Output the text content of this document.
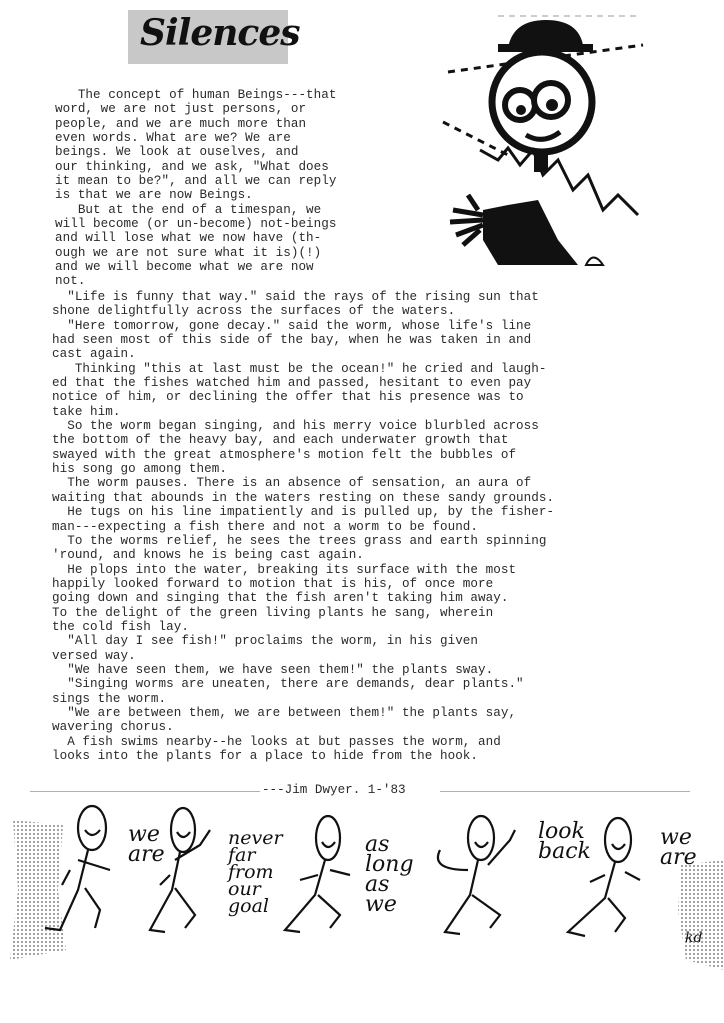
Silences
The concept of human Beings---that
word, we are not just persons, or
people, and we are much more than
even words. What are we? We are
beings. We look at ouselves, and
our thinking, and we ask, "What does
it mean to be?", and all we can reply
is that we are now Beings.
But at the end of a timespan, we
will become (or un-become) not-beings
and will lose what we now have (th-
ough we are not sure what it is)(!)
and we will become what we are now
not.
"Life is funny that way." said the rays of the rising sun that
shone delightfully across the surfaces of the waters.
"Here tomorrow, gone decay." said the worm, whose life's line
had seen most of this side of the bay, when he was taken in and
cast again.
Thinking "this at last must be the ocean!" he cried and laugh-
ed that the fishes watched him and passed, hesitant to even pay
notice of him, or declining the offer that his presence was to
take him.
So the worm began singing, and his merry voice blurbled across
the bottom of the heavy bay, and each underwater growth that
swayed with the great atmosphere's motion felt the bubbles of
his song go among them.
The worm pauses. There is an absence of sensation, an aura of
waiting that abounds in the waters resting on these sandy grounds.
He tugs on his line impatiently and is pulled up, by the fisher-
man---expecting a fish there and not a worm to be found.
To the worms relief, he sees the trees grass and earth spinning
'round, and knows he is being cast again.
He plops into the water, breaking its surface with the most
happily looked forward to motion that is his, of once more
going down and singing that the fish aren't taking him away.
To the delight of the green living plants he sang, wherein
the cold fish lay.
"All day I see fish!" proclaims the worm, in his given
versed way.
"We have seen them, we have seen them!" the plants sway.
"Singing worms are uneaten, there are demands, dear plants."
sings the worm.
"We are between them, we are between them!" the plants say,
wavering chorus.
A fish swims nearby--he looks at but passes the worm, and
looks into the plants for a place to hide from the hook.
---Jim Dwyer. 1-'83
we
are
never
far
from
our
goal
as
long
as
we
look
back
we
are
kd
